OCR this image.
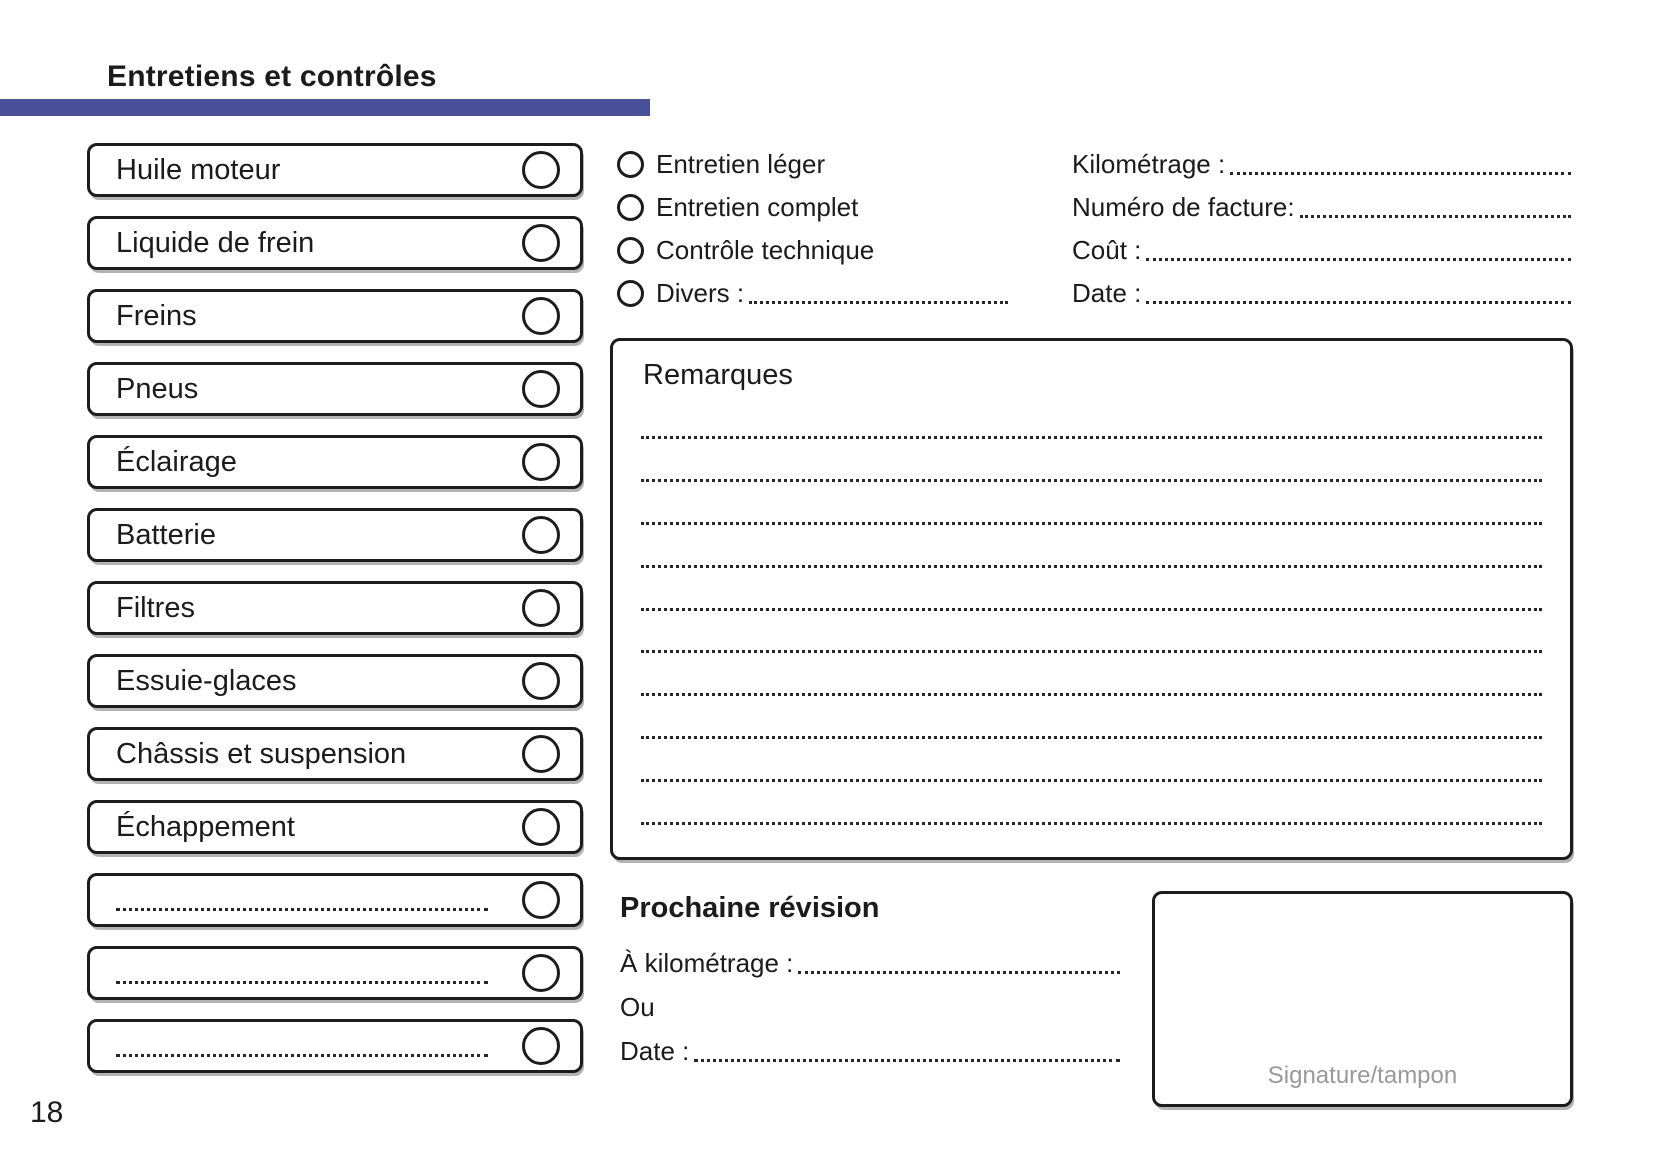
Entretiens et contrôles
Huile moteur
Liquide de frein
Freins
Pneus
Éclairage
Batterie
Filtres
Essuie-glaces
Châssis et suspension
Échappement
Entretien léger
Entretien complet
Contrôle technique
Divers :
Kilométrage :
Numéro de facture:
Coût :
Date :
Remarques
Prochaine révision
À kilométrage :
Ou
Date :
Signature/tampon
18
